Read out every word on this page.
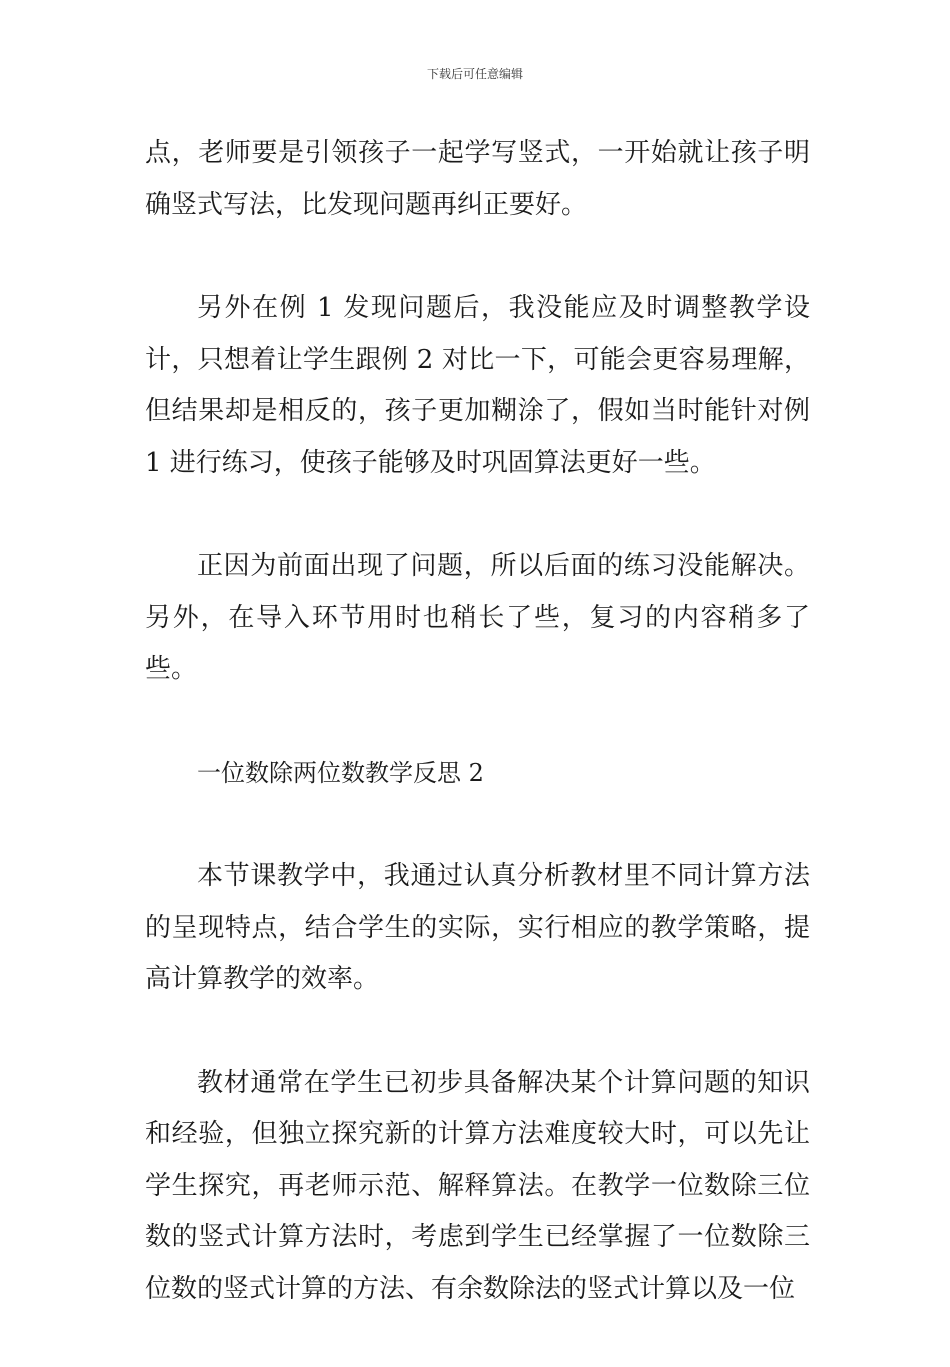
下载后可任意编辑

点，老师要是引领孩子一起学写竖式，一开始就让孩子明确竖式写法，比发现问题再纠正要好。

另外在例 1 发现问题后，我没能应及时调整教学设计，只想着让学生跟例 2 对比一下，可能会更容易理解，但结果却是相反的，孩子更加糊涂了，假如当时能针对例 1 进行练习，使孩子能够及时巩固算法更好一些。

正因为前面出现了问题，所以后面的练习没能解决。另外，在导入环节用时也稍长了些，复习的内容稍多了些。

一位数除两位数教学反思 2

本节课教学中，我通过认真分析教材里不同计算方法的呈现特点，结合学生的实际，实行相应的教学策略，提高计算教学的效率。

教材通常在学生已初步具备解决某个计算问题的知识和经验，但独立探究新的计算方法难度较大时，可以先让学生探究，再老师示范、解释算法。在教学一位数除三位数的竖式计算方法时，考虑到学生已经掌握了一位数除三位数的竖式计算的方法、有余数除法的竖式计算以及一位
